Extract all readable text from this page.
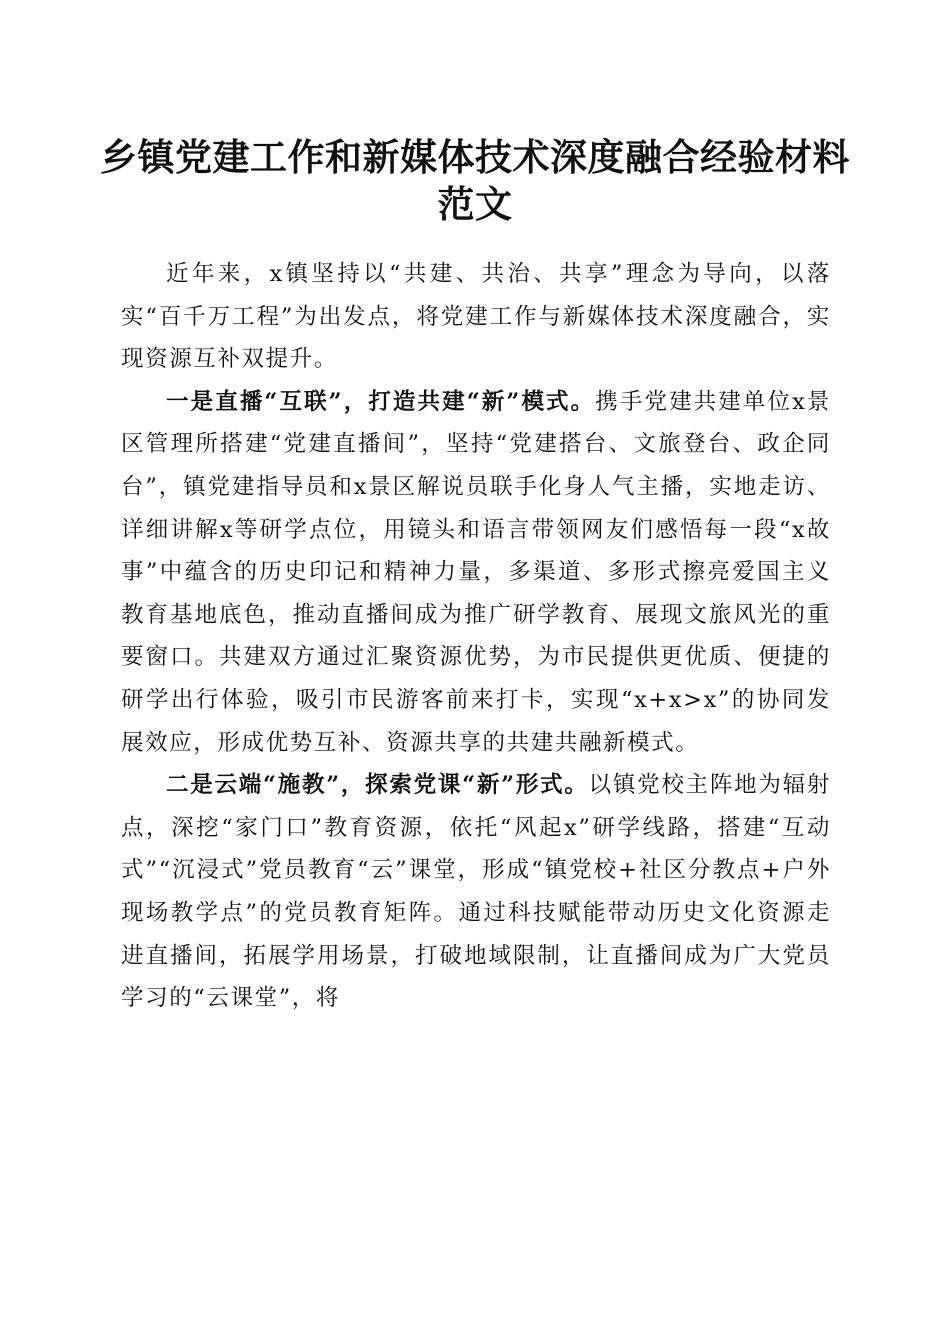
乡镇党建工作和新媒体技术深度融合经验材料范文

近年来，x镇坚持以“共建、共治、共享”理念为导向，以落实“百千万工程”为出发点，将党建工作与新媒体技术深度融合，实现资源互补双提升。

一是直播“互联”，打造共建“新”模式。携手党建共建单位x景区管理所搭建“党建直播间”，坚持“党建搭台、文旅登台、政企同台”，镇党建指导员和x景区解说员联手化身人气主播，实地走访、详细讲解x等研学点位，用镜头和语言带领网友们感悟每一段“x故事”中蕴含的历史印记和精神力量，多渠道、多形式擦亮爱国主义教育基地底色，推动直播间成为推广研学教育、展现文旅风光的重要窗口。共建双方通过汇聚资源优势，为市民提供更优质、便捷的研学出行体验，吸引市民游客前来打卡，实现“x+x>x”的协同发展效应，形成优势互补、资源共享的共建共融新模式。

二是云端“施教”，探索党课“新”形式。以镇党校主阵地为辐射点，深挖“家门口”教育资源，依托“风起x”研学线路，搭建“互动式”“沉浸式”党员教育“云”课堂，形成“镇党校+社区分教点+户外现场教学点”的党员教育矩阵。通过科技赋能带动历史文化资源走进直播间，拓展学用场景，打破地域限制，让直播间成为广大党员学习的“云课堂”，将
